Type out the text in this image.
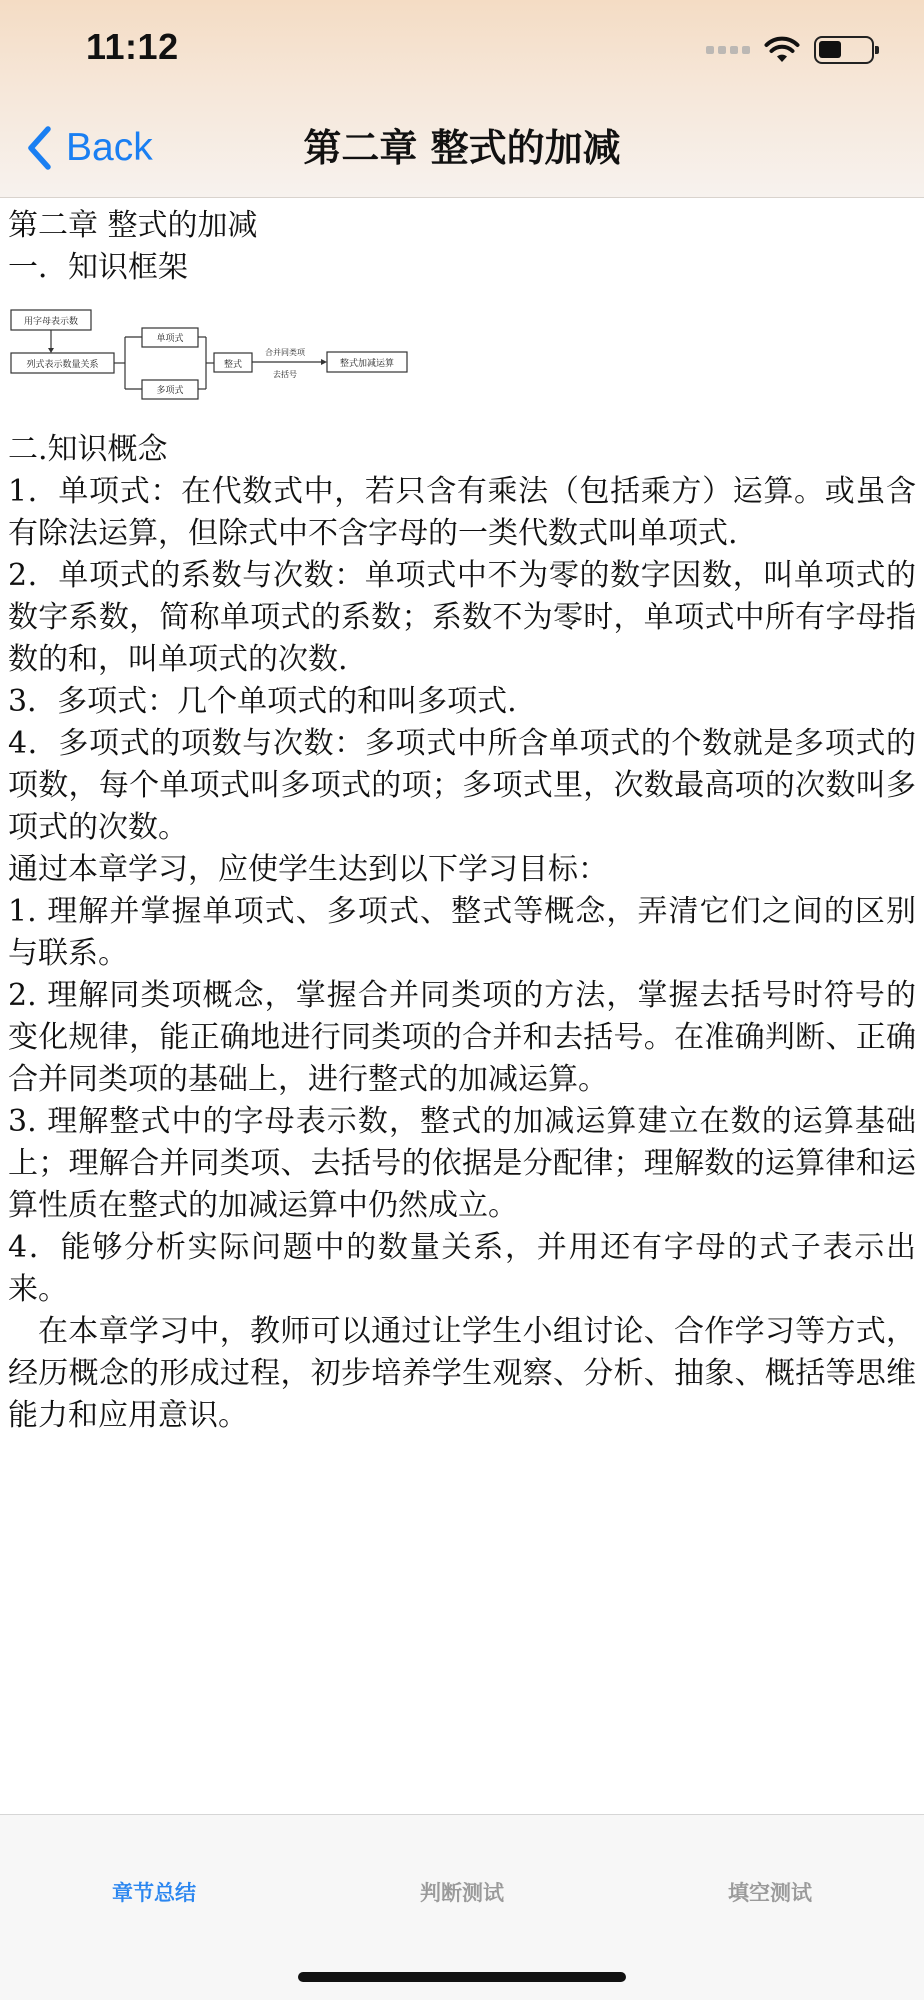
11:12
Back	第二章 整式的加减

第二章 整式的加减

一．知识框架

用字母表示数
列式表示数量关系
单项式
多项式
整式	整式加减运算
合并同类项
去括号

二.知识概念

1．单项式：在代数式中，若只含有乘法（包括乘方）运算。或虽含有除法运算，但除式中不含字母的一类代数式叫单项式.

2．单项式的系数与次数：单项式中不为零的数字因数，叫单项式的数字系数，简称单项式的系数；系数不为零时，单项式中所有字母指数的和，叫单项式的次数.

3．多项式：几个单项式的和叫多项式.

4．多项式的项数与次数：多项式中所含单项式的个数就是多项式的项数，每个单项式叫多项式的项；多项式里，次数最高项的次数叫多项式的次数。

通过本章学习，应使学生达到以下学习目标：

1. 理解并掌握单项式、多项式、整式等概念，弄清它们之间的区别与联系。

2. 理解同类项概念，掌握合并同类项的方法，掌握去括号时符号的变化规律，能正确地进行同类项的合并和去括号。在准确判断、正确合并同类项的基础上，进行整式的加减运算。

3. 理解整式中的字母表示数，整式的加减运算建立在数的运算基础上；理解合并同类项、去括号的依据是分配律；理解数的运算律和运算性质在整式的加减运算中仍然成立。

4．能够分析实际问题中的数量关系，并用还有字母的式子表示出来。

在本章学习中，教师可以通过让学生小组讨论、合作学习等方式，经历概念的形成过程，初步培养学生观察、分析、抽象、概括等思维能力和应用意识。

章节总结	判断测试	填空测试
